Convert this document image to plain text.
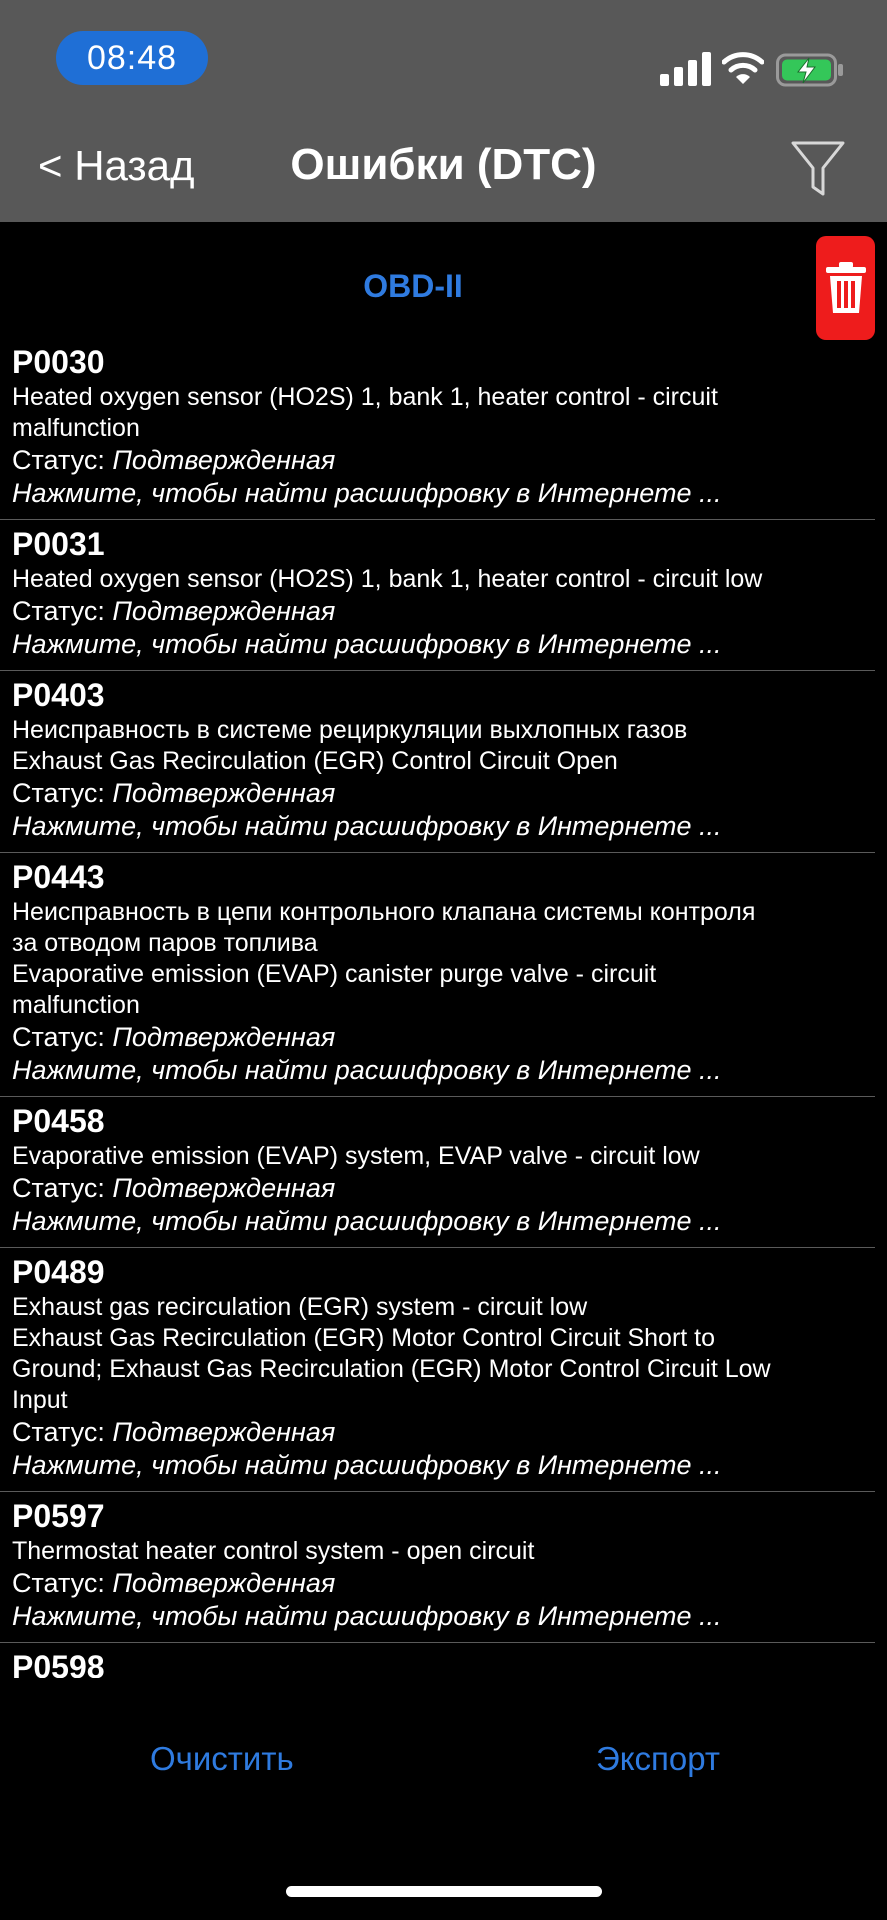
08:48
< Назад	Ошибки (DTC)
OBD-II
P0030
Heated oxygen sensor (HO2S) 1, bank 1, heater control - circuit
malfunction
Статус: Подтвержденная
Нажмите, чтобы найти расшифровку в Интернете ...
P0031
Heated oxygen sensor (HO2S) 1, bank 1, heater control - circuit low
Статус: Подтвержденная
Нажмите, чтобы найти расшифровку в Интернете ...
P0403
Неисправность в системе рециркуляции выхлопных газов
Exhaust Gas Recirculation (EGR) Control Circuit Open
Статус: Подтвержденная
Нажмите, чтобы найти расшифровку в Интернете ...
P0443
Неисправность в цепи контрольного клапана системы контроля
за отводом паров топлива
Evaporative emission (EVAP) canister purge valve - circuit
malfunction
Статус: Подтвержденная
Нажмите, чтобы найти расшифровку в Интернете ...
P0458
Evaporative emission (EVAP) system, EVAP valve - circuit low
Статус: Подтвержденная
Нажмите, чтобы найти расшифровку в Интернете ...
P0489
Exhaust gas recirculation (EGR) system - circuit low
Exhaust Gas Recirculation (EGR) Motor Control Circuit Short to
Ground; Exhaust Gas Recirculation (EGR) Motor Control Circuit Low
Input
Статус: Подтвержденная
Нажмите, чтобы найти расшифровку в Интернете ...
P0597
Thermostat heater control system - open circuit
Статус: Подтвержденная
Нажмите, чтобы найти расшифровку в Интернете ...
P0598
Очистить	Экспорт
